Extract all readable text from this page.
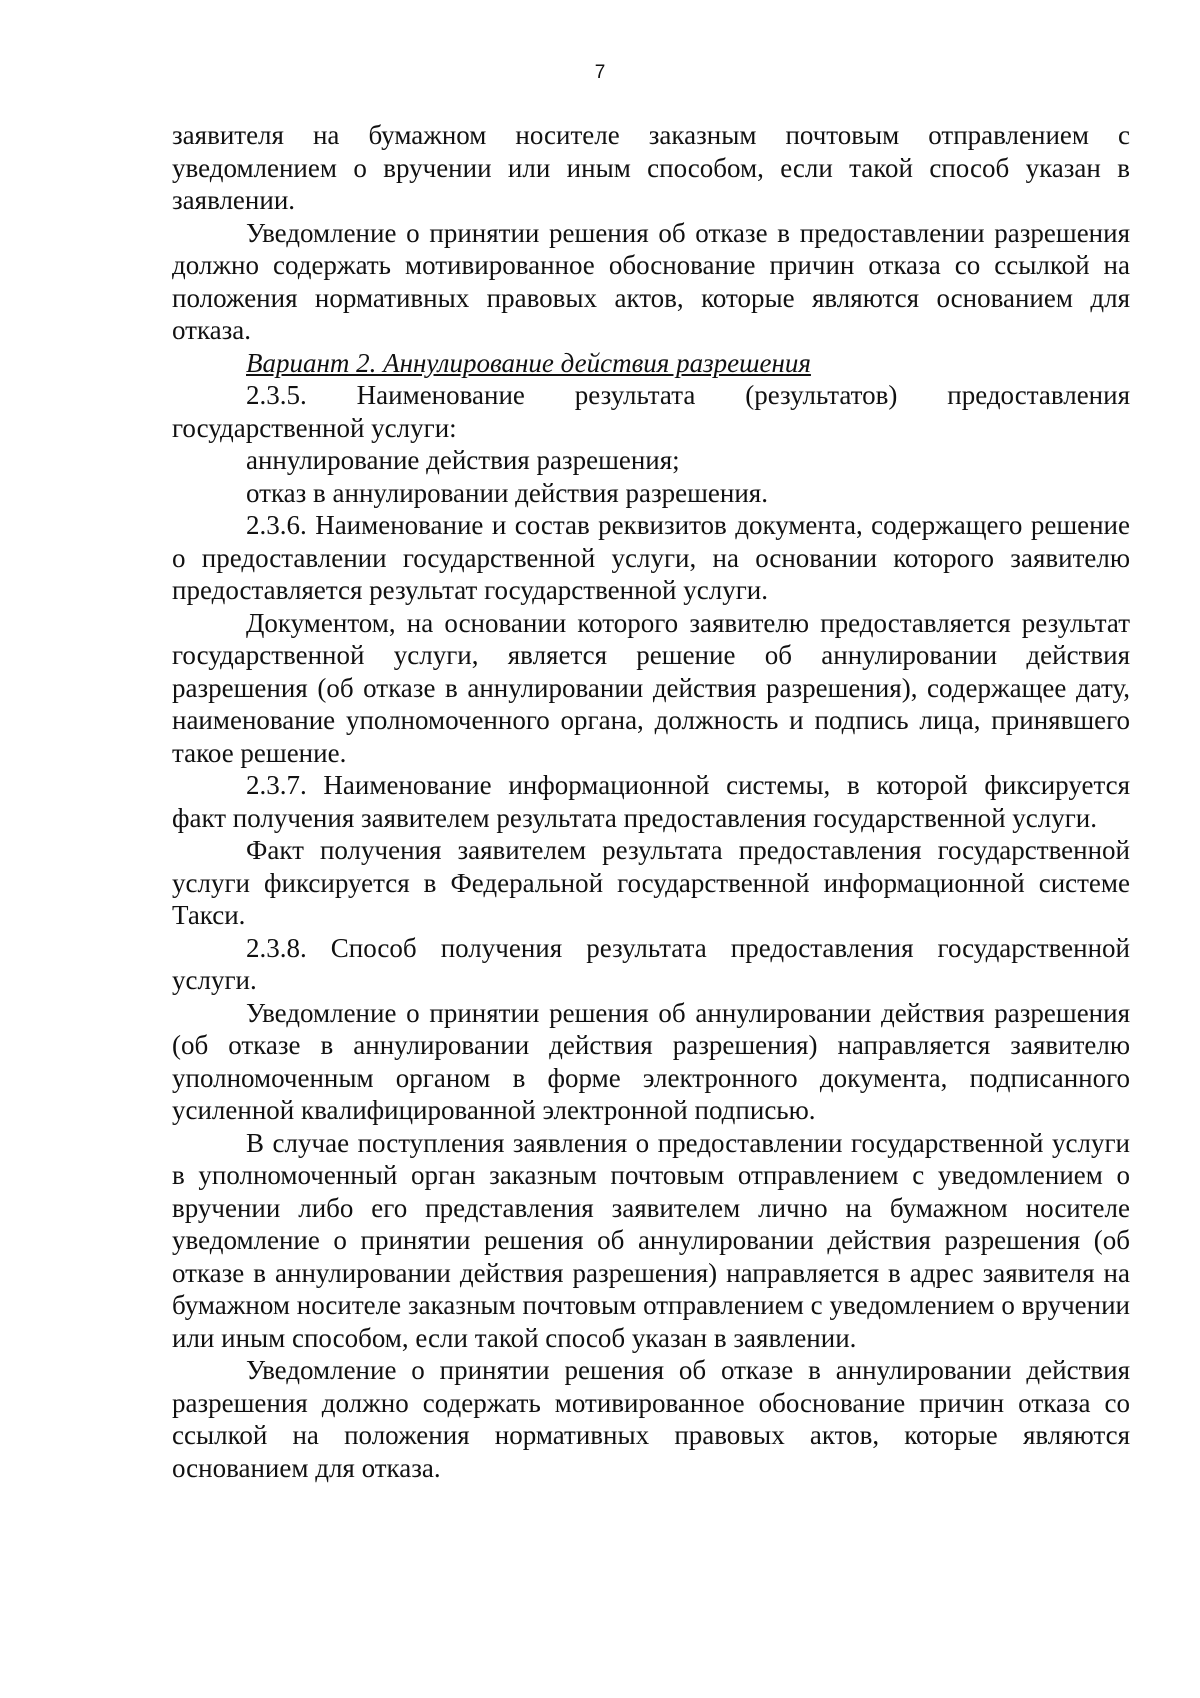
7

заявителя на бумажном носителе заказным почтовым отправлением с уведомлением о вручении или иным способом, если такой способ указан в заявлении.

Уведомление о принятии решения об отказе в предоставлении разрешения должно содержать мотивированное обоснование причин отказа со ссылкой на положения нормативных правовых актов, которые являются основанием для отказа.

Вариант 2. Аннулирование действия разрешения

2.3.5. Наименование результата (результатов) предоставления государственной услуги:

аннулирование действия разрешения;

отказ в аннулировании действия разрешения.

2.3.6. Наименование и состав реквизитов документа, содержащего решение о предоставлении государственной услуги, на основании которого заявителю предоставляется результат государственной услуги.

Документом, на основании которого заявителю предоставляется результат государственной услуги, является решение об аннулировании действия разрешения (об отказе в аннулировании действия разрешения), содержащее дату, наименование уполномоченного органа, должность и подпись лица, принявшего такое решение.

2.3.7. Наименование информационной системы, в которой фиксируется факт получения заявителем результата предоставления государственной услуги.

Факт получения заявителем результата предоставления государственной услуги фиксируется в Федеральной государственной информационной системе Такси.

2.3.8. Способ получения результата предоставления государственной услуги.

Уведомление о принятии решения об аннулировании действия разрешения (об отказе в аннулировании действия разрешения) направляется заявителю уполномоченным органом в форме электронного документа, подписанного усиленной квалифицированной электронной подписью.

В случае поступления заявления о предоставлении государственной услуги в уполномоченный орган заказным почтовым отправлением с уведомлением о вручении либо его представления заявителем лично на бумажном носителе уведомление о принятии решения об аннулировании действия разрешения (об отказе в аннулировании действия разрешения) направляется в адрес заявителя на бумажном носителе заказным почтовым отправлением с уведомлением о вручении или иным способом, если такой способ указан в заявлении.

Уведомление о принятии решения об отказе в аннулировании действия разрешения должно содержать мотивированное обоснование причин отказа со ссылкой на положения нормативных правовых актов, которые являются основанием для отказа.
